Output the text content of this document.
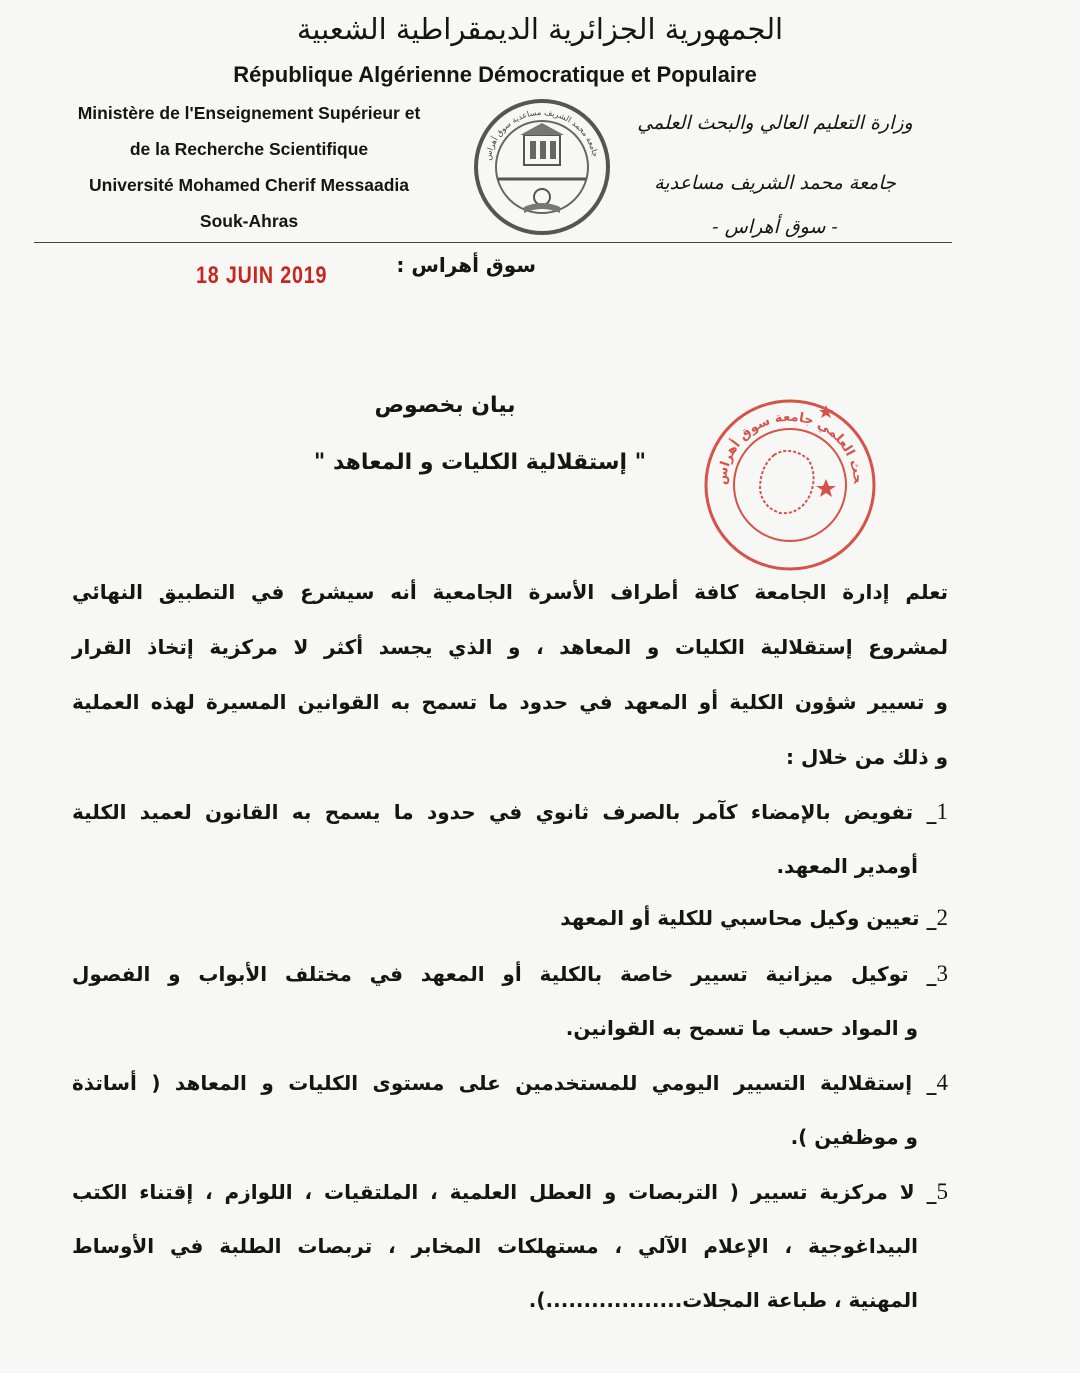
الجمهورية الجزائرية الديمقراطية الشعبية
République Algérienne Démocratique et Populaire
Ministère de l'Enseignement Supérieur et
de la Recherche Scientifique
Université Mohamed Cherif Messaadia
Souk-Ahras
وزارة التعليم العالي والبحث العلمي
جامعة محمد الشريف مساعدية
- سوق أهراس -
جامعة محمد الشريف مساعدية سوق أهراس
سوق أهراس :
18 JUIN 2019
بيان بخصوص
" إستقلالية الكليات و المعاهد "
حث العلمي جامعة سوق أهراس
تعلم إدارة الجامعة كافة أطراف الأسرة الجامعية أنه سيشرع في التطبيق النهائي
لمشروع إستقلالية الكليات و المعاهد ، و الذي يجسد أكثر لا مركزية إتخاذ القرار
و تسيير شؤون الكلية أو المعهد في حدود ما تسمح به القوانين المسيرة لهذه العملية
و ذلك من خلال :
1_ تفويض بالإمضاء كآمر بالصرف ثانوي في حدود ما يسمح به القانون لعميد الكلية
أومدير المعهد.
2_ تعيين وكيل محاسبي للكلية أو المعهد
3_ توكيل ميزانية تسيير خاصة بالكلية أو المعهد في مختلف الأبواب و الفصول
و المواد حسب ما تسمح به القوانين.
4_ إستقلالية التسيير اليومي للمستخدمين على مستوى الكليات و المعاهد ( أساتذة
و موظفين ).
5_ لا مركزية تسيير ( التربصات و العطل العلمية ، الملتقيات ، اللوازم ، إقتناء الكتب
البيداغوجية ، الإعلام الآلي ، مستهلكات المخابر ، تربصات الطلبة في الأوساط
المهنية ، طباعة المجلات..................).
